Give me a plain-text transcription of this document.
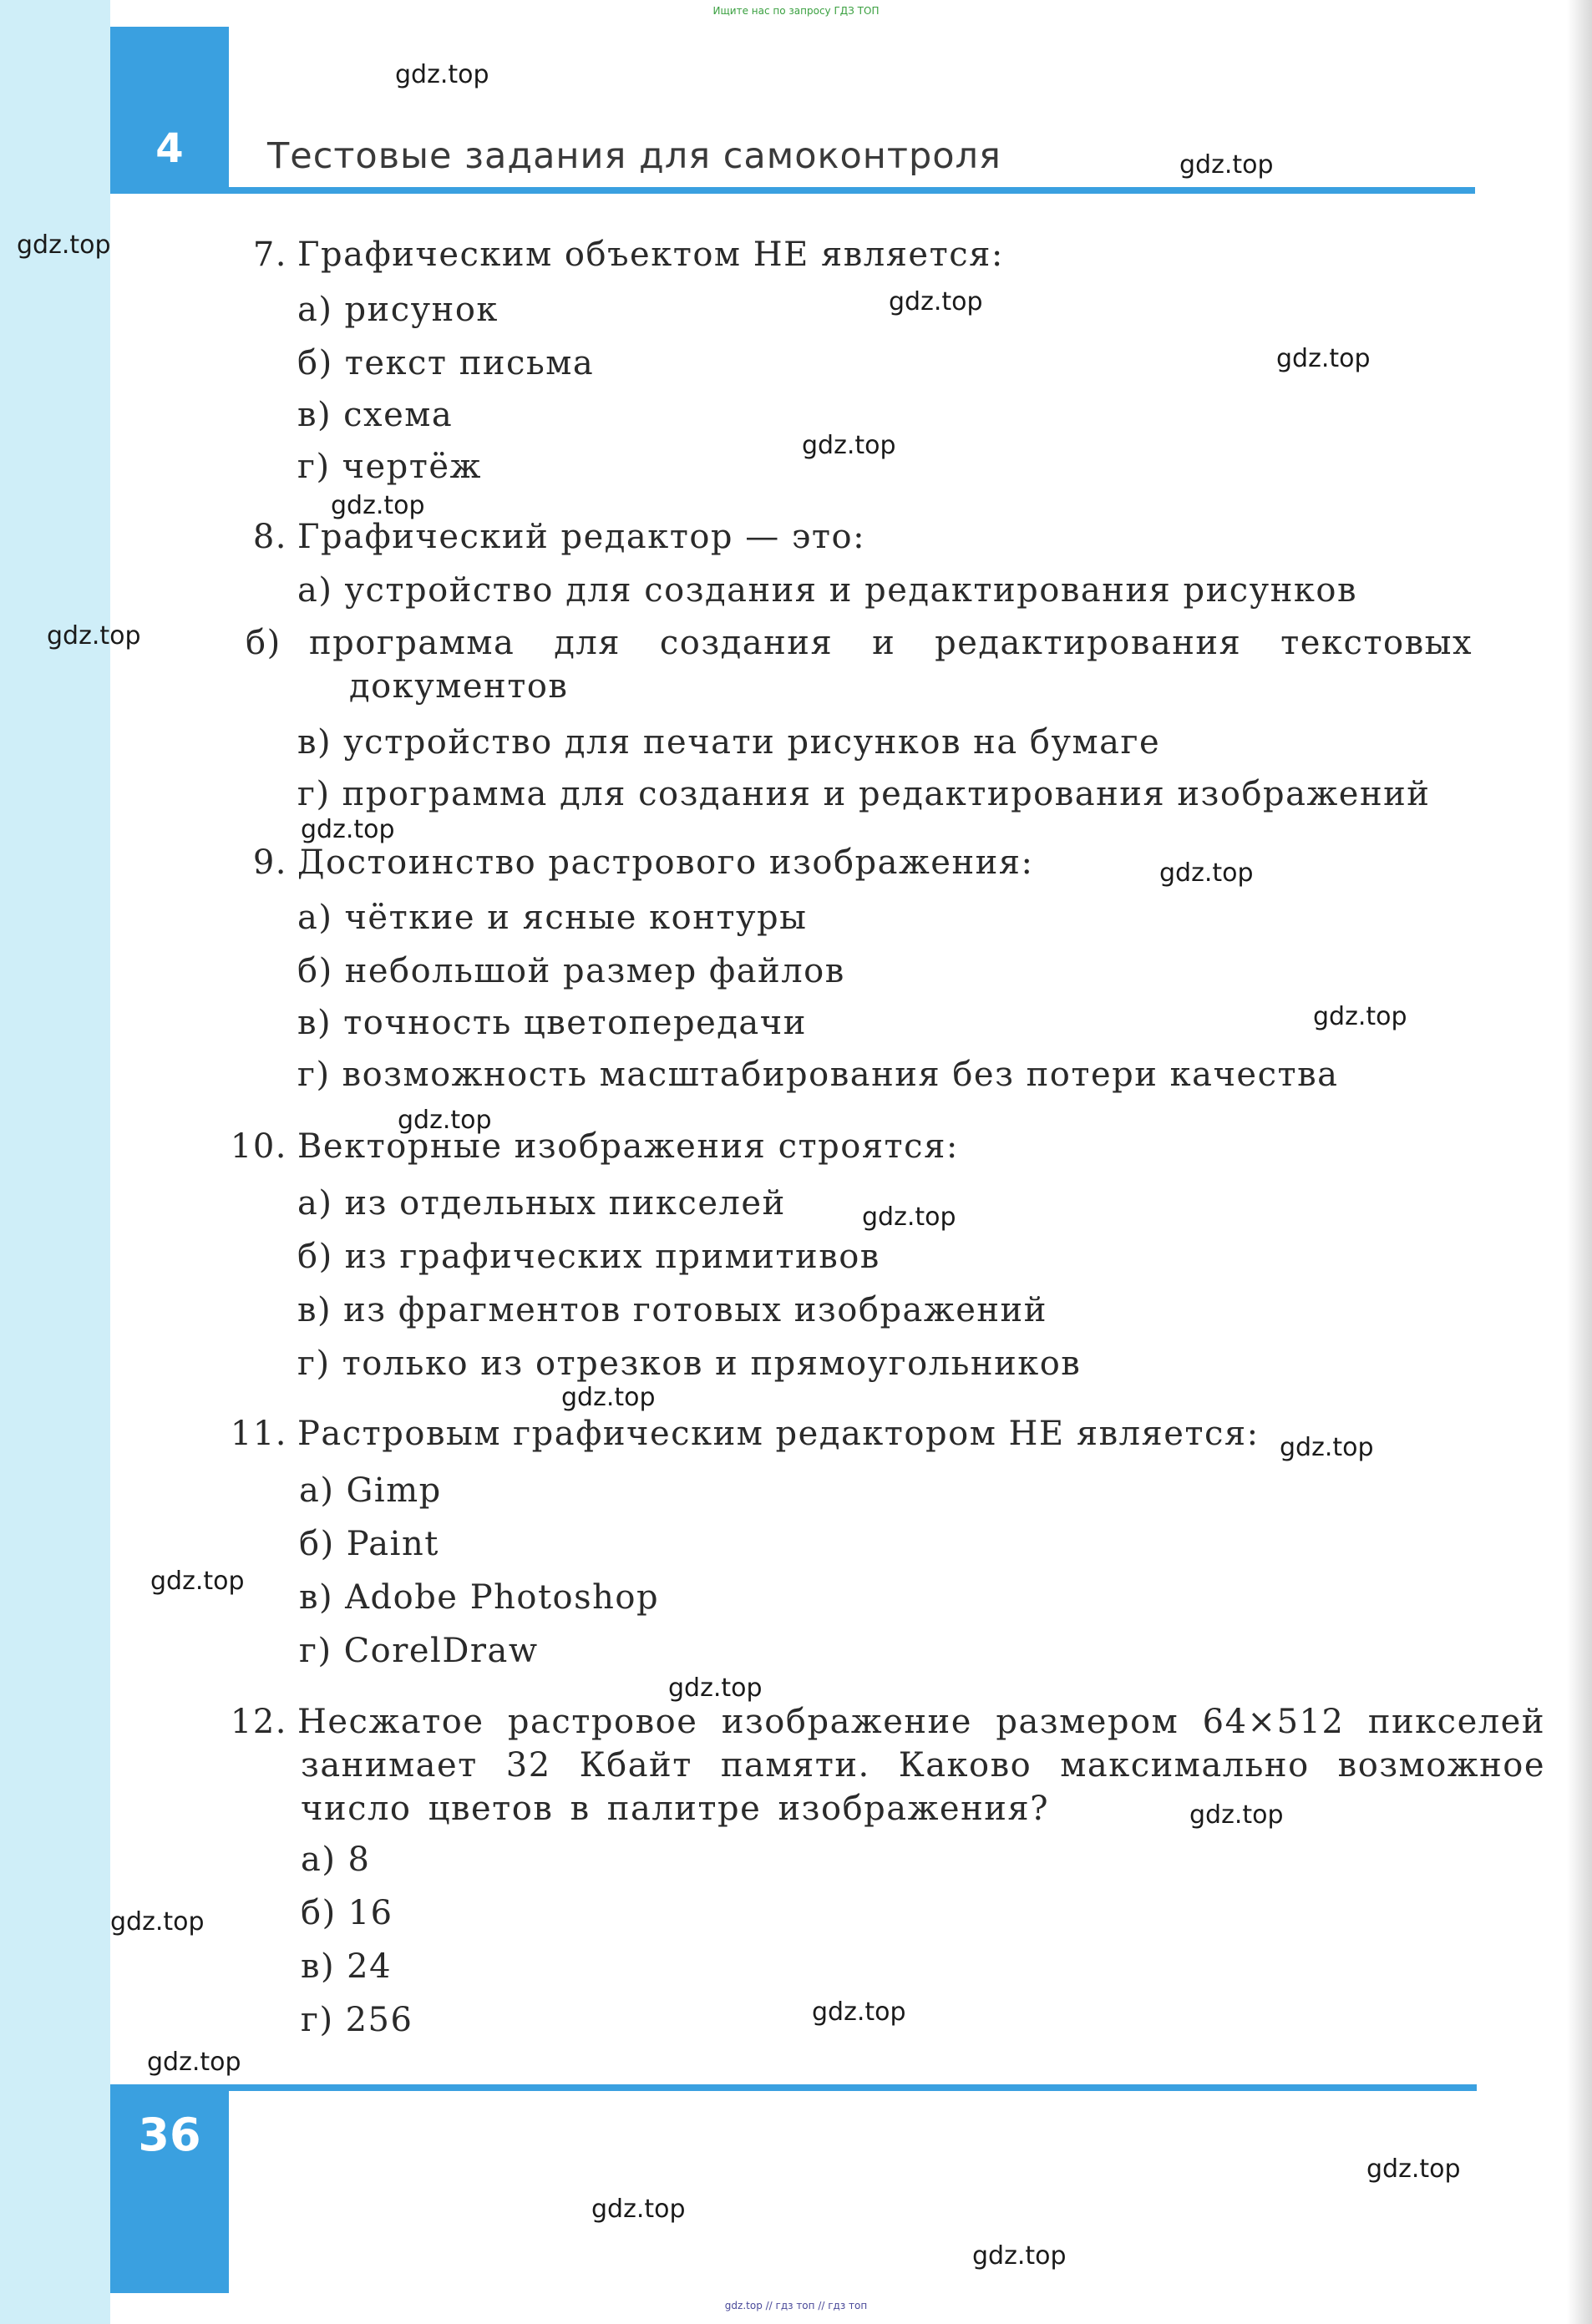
Ищите нас по запросу ГДЗ ТОП
4	Тестовые задания для самоконтроля
7. Графическим объектом НЕ является:
а) рисунок
б) текст письма
в) схема
г) чертёж
8. Графический редактор — это:
а) устройство для создания и редактирования рисунков
б) программа для создания и редактирования текстовых документов
в) устройство для печати рисунков на бумаге
г) программа для создания и редактирования изображений
9. Достоинство растрового изображения:
а) чёткие и ясные контуры
б) небольшой размер файлов
в) точность цветопередачи
г) возможность масштабирования без потери качества
10. Векторные изображения строятся:
а) из отдельных пикселей
б) из графических примитивов
в) из фрагментов готовых изображений
г) только из отрезков и прямоугольников
11. Растровым графическим редактором НЕ является:
а) Gimp
б) Paint
в) Adobe Photoshop
г) CorelDraw
12. Несжатое растровое изображение размером 64×512 пикселей занимает 32 Кбайт памяти. Каково максимально возможное число цветов в палитре изображения?
а) 8
б) 16
в) 24
г) 256
36
gdz.top // гдз топ // гдз топ
gdz.top
gdz.top
gdz.top
gdz.top
gdz.top
gdz.top
gdz.top
gdz.top
gdz.top
gdz.top
gdz.top
gdz.top
gdz.top
gdz.top
gdz.top
gdz.top
gdz.top
gdz.top
gdz.top
gdz.top
gdz.top
gdz.top
gdz.top
gdz.top
